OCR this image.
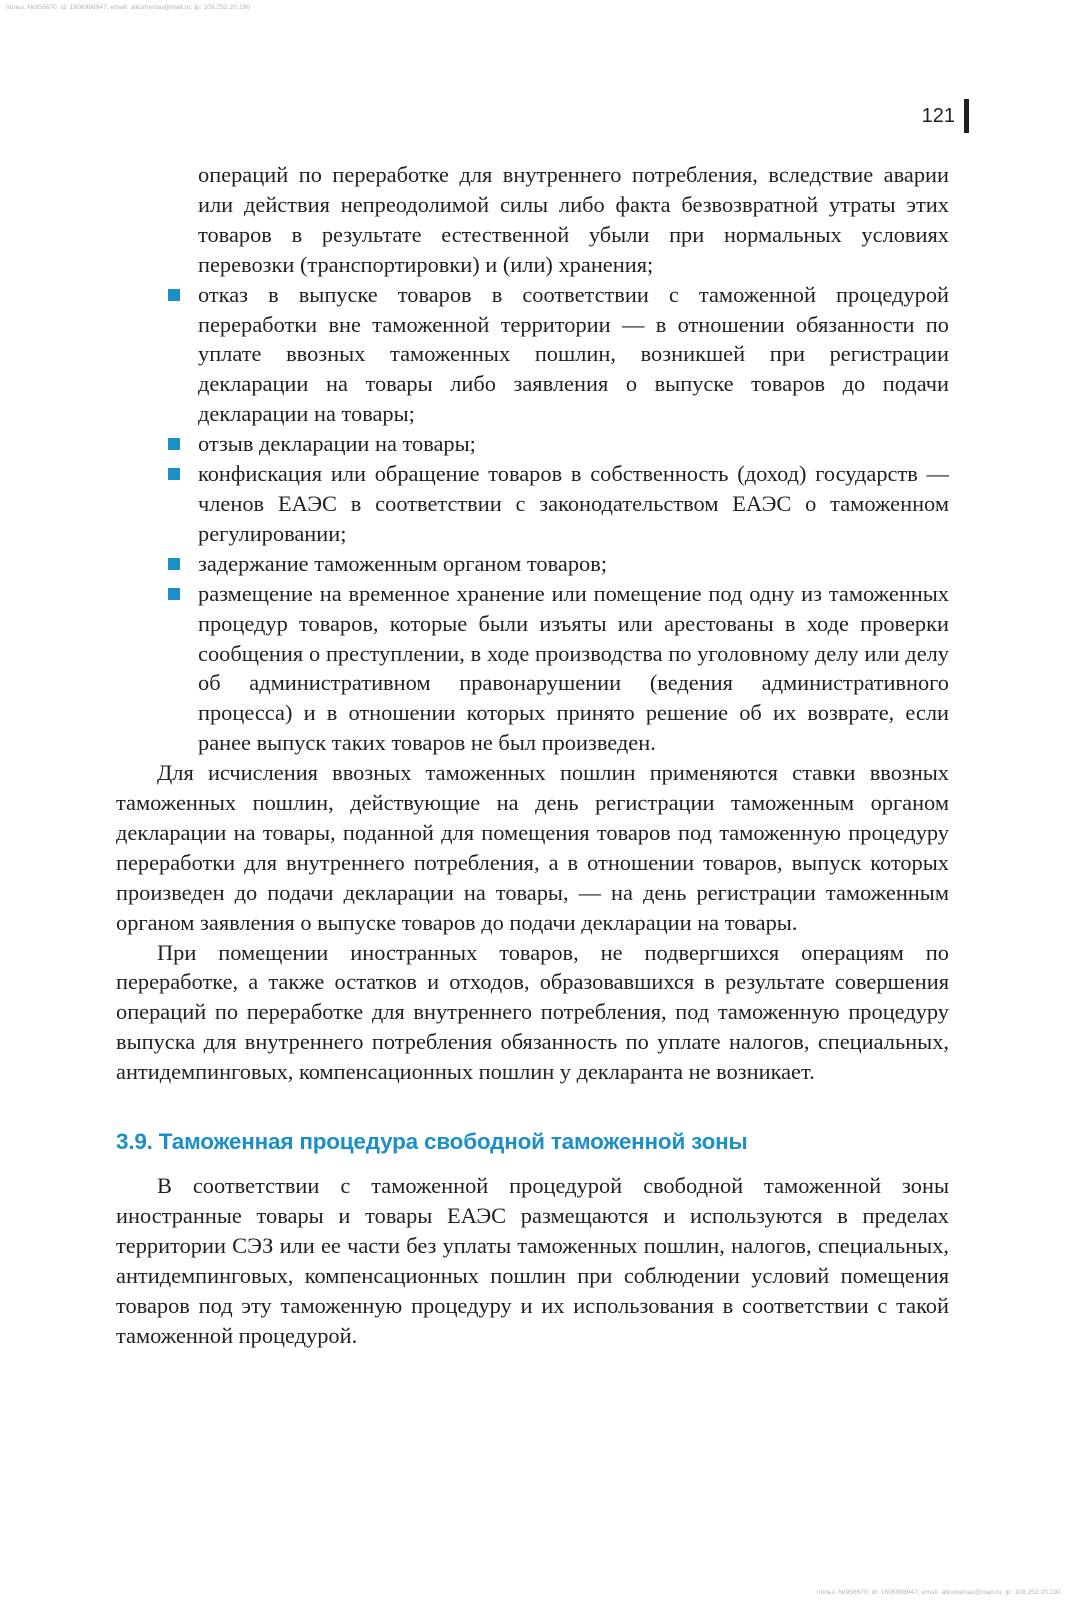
польз. №956670; id: 1606998947; email: alkumertau@mail.ru; ip: 109.252.20.190
121

операций по переработке для внутреннего потребления, вследствие аварии или действия непреодолимой силы либо факта безвозвратной утраты этих товаров в результате естественной убыли при нормальных условиях перевозки (транспортировки) и (или) хранения;

отказ в выпуске товаров в соответствии с таможенной процедурой переработки вне таможенной территории — в отношении обязанности по уплате ввозных таможенных пошлин, возникшей при регистрации декларации на товары либо заявления о выпуске товаров до подачи декларации на товары;
отзыв декларации на товары;
конфискация или обращение товаров в собственность (доход) государств — членов ЕАЭС в соответствии с законодательством ЕАЭС о таможенном регулировании;
задержание таможенным органом товаров;
размещение на временное хранение или помещение под одну из таможенных процедур товаров, которые были изъяты или арестованы в ходе проверки сообщения о преступлении, в ходе производства по уголовному делу или делу об административном правонарушении (ведения административного процесса) и в отношении которых принято решение об их возврате, если ранее выпуск таких товаров не был произведен.

Для исчисления ввозных таможенных пошлин применяются ставки ввозных таможенных пошлин, действующие на день регистрации таможенным органом декларации на товары, поданной для помещения товаров под таможенную процедуру переработки для внутреннего потребления, а в отношении товаров, выпуск которых произведен до подачи декларации на товары, — на день регистрации таможенным органом заявления о выпуске товаров до подачи декларации на товары.

При помещении иностранных товаров, не подвергшихся операциям по переработке, а также остатков и отходов, образовавшихся в результате совершения операций по переработке для внутреннего потребления, под таможенную процедуру выпуска для внутреннего потребления обязанность по уплате налогов, специальных, антидемпинговых, компенсационных пошлин у декларанта не возникает.

3.9. Таможенная процедура свободной таможенной зоны

В соответствии с таможенной процедурой свободной таможенной зоны иностранные товары и товары ЕАЭС размещаются и используются в пределах территории СЭЗ или ее части без уплаты таможенных пошлин, налогов, специальных, антидемпинговых, компенсационных пошлин при соблюдении условий помещения товаров под эту таможенную процедуру и их использования в соответствии с такой таможенной процедурой.

польз. №956670; id: 1606998947; email: alkumertau@mail.ru; ip: 109.252.20.190
